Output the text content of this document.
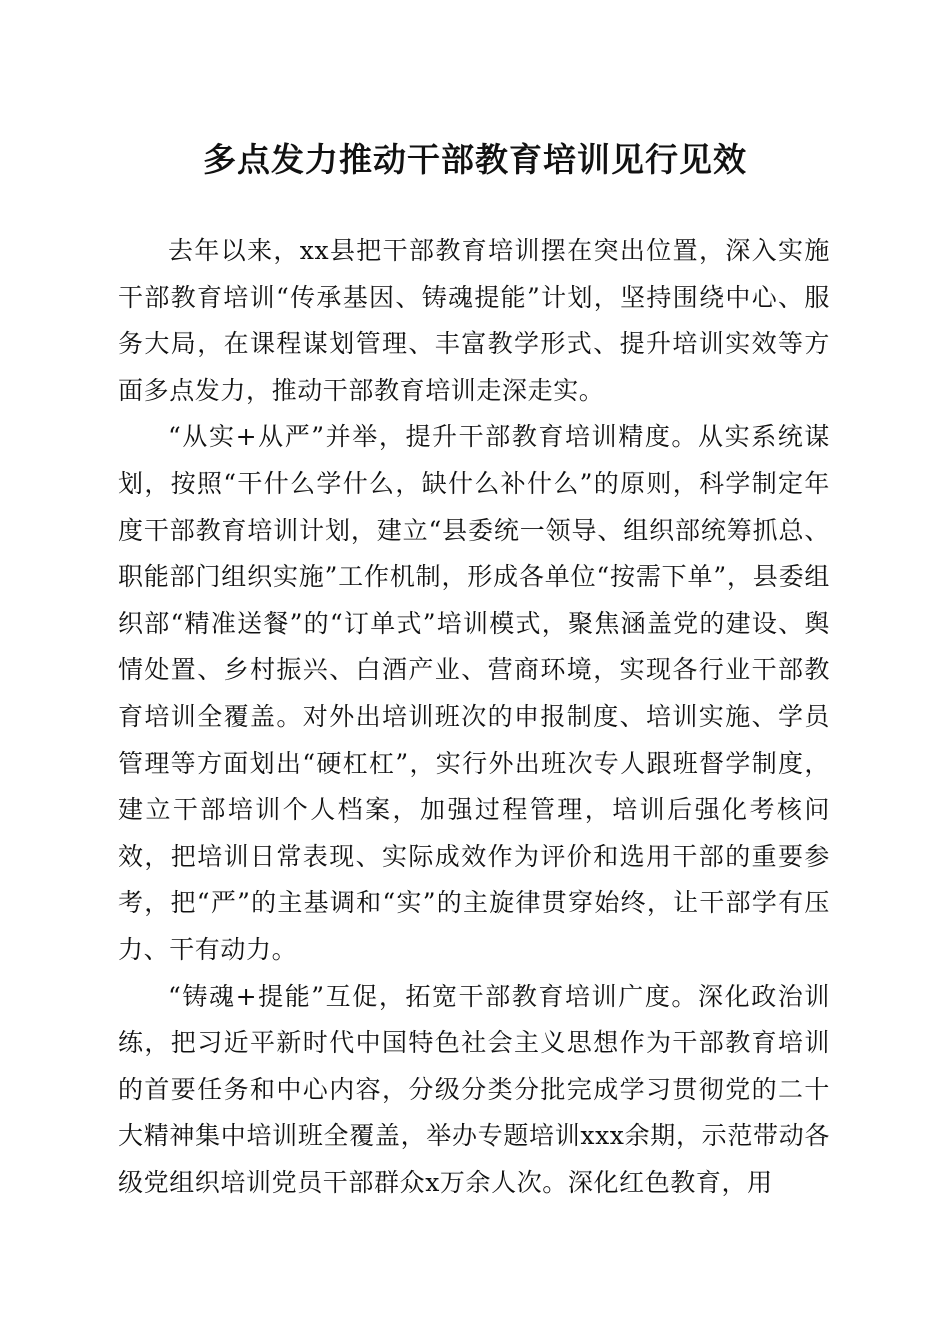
多点发力推动干部教育培训见行见效

去年以来，xx县把干部教育培训摆在突出位置，深入实施干部教育培训“传承基因、铸魂提能”计划，坚持围绕中心、服务大局，在课程谋划管理、丰富教学形式、提升培训实效等方面多点发力，推动干部教育培训走深走实。

“从实+从严”并举，提升干部教育培训精度。从实系统谋划，按照“干什么学什么，缺什么补什么”的原则，科学制定年度干部教育培训计划，建立“县委统一领导、组织部统筹抓总、职能部门组织实施”工作机制，形成各单位“按需下单”，县委组织部“精准送餐”的“订单式”培训模式，聚焦涵盖党的建设、舆情处置、乡村振兴、白酒产业、营商环境，实现各行业干部教育培训全覆盖。对外出培训班次的申报制度、培训实施、学员管理等方面划出“硬杠杠”，实行外出班次专人跟班督学制度，建立干部培训个人档案，加强过程管理，培训后强化考核问效，把培训日常表现、实际成效作为评价和选用干部的重要参考，把“严”的主基调和“实”的主旋律贯穿始终，让干部学有压力、干有动力。

“铸魂+提能”互促，拓宽干部教育培训广度。深化政治训练，把习近平新时代中国特色社会主义思想作为干部教育培训的首要任务和中心内容，分级分类分批完成学习贯彻党的二十大精神集中培训班全覆盖，举办专题培训xxx余期，示范带动各级党组织培训党员干部群众x万余人次。深化红色教育，用
